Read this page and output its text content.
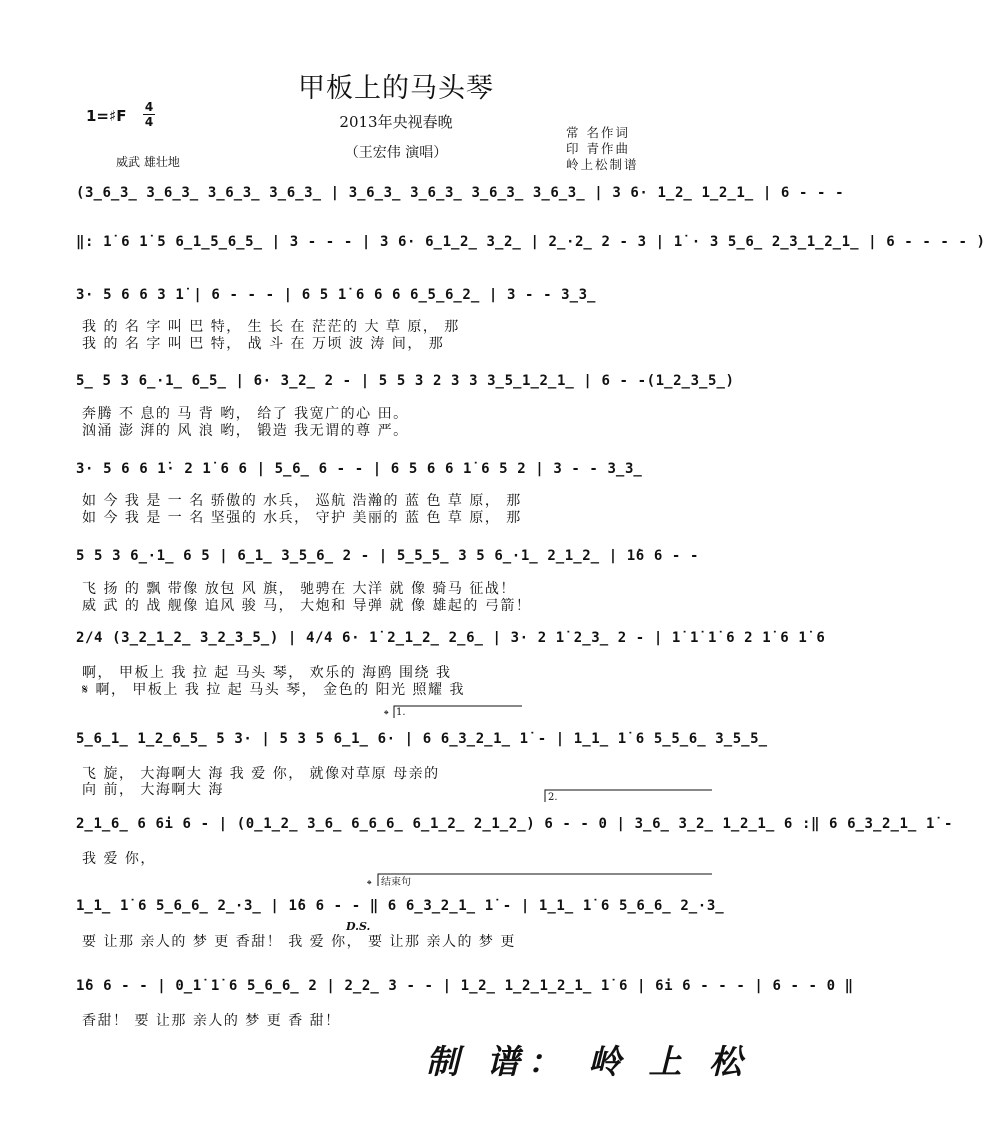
甲板上的马头琴
2013年央视春晚
（王宏伟 演唱）
1=♯F 4
4
威武 雄壮地
常 名作词
印 青作曲
岭上松制谱
(3̲6̲3̲ 3̲6̲3̲ 3̲6̲3̲ 3̲6̲3̲ | 3̲6̲3̲ 3̲6̲3̲ 3̲6̲3̲ 3̲6̲3̲ | 3 6· 1̲2̲ 1̲2̲1̲ | 6 - - -
‖: 1̇ 6 1̇ 5 6̲1̲5̲6̲5̲ | 3 - - - | 3 6· 6̲1̲2̲ 3̲2̲ | 2̲·2̲ 2 - 3 | 1̇ · 3 5̲6̲ 2̲3̲1̲2̲1̲ | 6 - - - - )
3· 5 6 6 3 1̇ | 6 - - - | 6 5 1̇ 6 6 6 6̲5̲6̲2̲ | 3 - - 3̲3̲
我 的 名 字 叫 巴 特， 生 长 在 茫茫的 大 草 原， 那
我 的 名 字 叫 巴 特， 战 斗 在 万顷 波 涛 间， 那
5̲ 5 3 6̲·1̲ 6̲5̲ | 6· 3̲2̲ 2 - | 5 5 3 2 3 3 3̲5̲1̲2̲1̲ | 6 - -(1̲2̲3̲5̲)
奔腾 不 息的 马 背 哟， 给了 我宽广的心 田。
汹涌 澎 湃的 风 浪 哟， 锻造 我无谓的尊 严。
3· 5 6 6 1̇· 2 1̇ 6 6 | 5̲6̲ 6 - - | 6 5 6 6 1̇ 6 5 2 | 3 - - 3̲3̲
如 今 我 是 一 名 骄傲的 水兵， 巡航 浩瀚的 蓝 色 草 原， 那
如 今 我 是 一 名 坚强的 水兵， 守护 美丽的 蓝 色 草 原， 那
5 5 3 6̲·1̲ 6 5 | 6̲1̲ 3̲5̲6̲ 2 - | 5̲5̲5̲ 3 5 6̲·1̲ 2̲1̲2̲ | 1̇6 6 - -
飞 扬 的 飘 带像 放包 风 旗， 驰骋在 大洋 就 像 骑马 征战！
威 武 的 战 舰像 追风 骏 马， 大炮和 导弹 就 像 雄起的 弓箭！
2/4 (3̲2̲1̲2̲ 3̲2̲3̲5̲) | 4/4 6· 1̇ 2̲1̲2̲ 2̲6̲ | 3· 2 1̇ 2̲3̲ 2 - | 1̇ 1̇ 1̇ 6 2 1̇ 6 1̇ 6
啊， 甲板上 我 拉 起 马头 琴， 欢乐的 海鸥 围绕 我
𝄋 啊， 甲板上 我 拉 起 马头 琴， 金色的 阳光 照耀 我
5̲6̲1̲ 1̲2̲6̲5̲ 5 3· | 5 3 5 6̲1̲ 6· | 6 6̲3̲2̲1̲ 1̇ - | 1̲1̲ 1̇ 6 5̲5̲6̲ 3̲5̲5̲
飞 旋， 大海啊大 海 我 爱 你， 就像对草原 母亲的
向 前， 大海啊大 海
2̲1̲6̲ 6 6i 6 - | (0̲1̲2̲ 3̲6̲ 6̲6̲6̲ 6̲1̲2̲ 2̲1̲2̲) 6 - - 0 | 3̲6̲ 3̲2̲ 1̲2̲1̲ 6 :‖ 6 6̲3̲2̲1̲ 1̇ -
我 爱 你，
1̲1̲ 1̇ 6 5̲6̲6̲ 2̲·3̲ | 1̇6 6 - - ‖ 6 6̲3̲2̲1̲ 1̇ - | 1̲1̲ 1̇ 6 5̲6̲6̲ 2̲·3̲
要 让那 亲人的 梦 更 香甜！ 我 爱 你， 要 让那 亲人的 梦 更
1̇6 6 - - | 0̲1̇ 1̇ 6 5̲6̲6̲ 2 | 2̲2̲ 3 - - | 1̲2̲ 1̲2̲1̲2̲1̲ 1̇ 6 | 6i 6 - - - | 6 - - 0 ‖
香甜！ 要 让那 亲人的 梦 更 香 甜！
𝄌 1.
2.
𝄌 结束句
D.S.
制 谱： 岭 上 松
